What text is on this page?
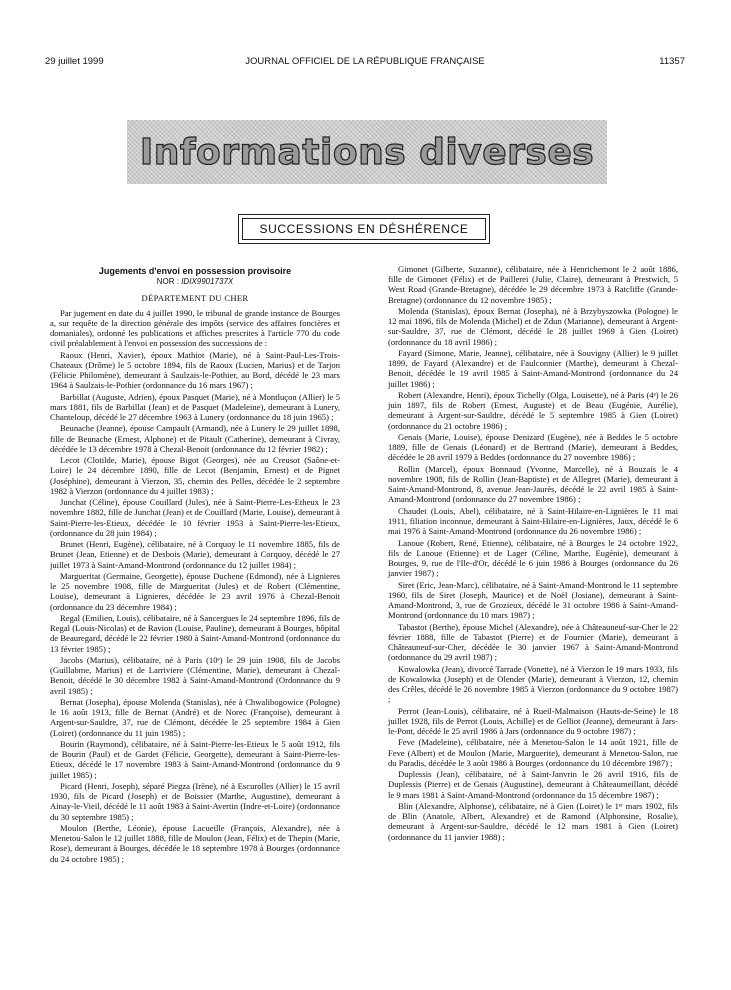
29 juillet 1999	JOURNAL OFFICIEL DE LA RÉPUBLIQUE FRANÇAISE	11357
Informations diverses
SUCCESSIONS EN DÉSHÉRENCE
Jugements d'envoi en possession provisoire
NOR : IDIX9901737X
DÉPARTEMENT DU CHER

Par jugement en date du 4 juillet 1990, le tribunal de grande instance de Bourges a, sur requête de la direction générale des impôts (service des affaires foncières et domaniales), ordonné les publications et affiches prescrites à l'article 770 du code civil préalablement à l'envoi en possession des successions de :

Raoux (Henri, Xavier), époux Mathiot (Marie), né à Saint-Paul-Les-Trois-Chateaux (Drôme) le 5 octobre 1894, fils de Raoux (Lucien, Marius) et de Tarjon (Félicie Philomène), demeurant à Saulzais-le-Pothier, au Bord, décédé le 23 mars 1964 à Saulzais-le-Pothier (ordonnance du 16 mars 1967) ;

Barbillat (Auguste, Adrien), époux Pasquet (Marie), né à Montluçon (Allier) le 5 mars 1881, fils de Barbillat (Jean) et de Pasquet (Madeleine), demeurant à Lunery, Chanteloup, décédé le 27 décembre 1963 à Lunery (ordonnance du 18 juin 1965) ;

Beunache (Jeanne), épouse Campault (Armand), née à Lunery le 29 juillet 1898, fille de Beunache (Ernest, Alphone) et de Pitault (Catherine), demeurant à Civray, décédée le 13 décembre 1978 à Chezal-Benoit (ordonnance du 12 février 1982) ;

Lecot (Clotilde, Marie), épouse Bigot (Georges), née au Creusot (Saône-et-Loire) le 24 décembre 1890, fille de Lecot (Benjamin, Ernest) et de Pignet (Joséphine), demeurant à Vierzon, 35, chemin des Pelles, décédée le 2 septembre 1982 à Vierzon (ordonnance du 4 juillet 1983) ;

Junchat (Céline), épouse Couillard (Jules), née à Saint-Pierre-Les-Etheux le 23 novembre 1882, fille de Junchat (Jean) et de Couillard (Marie, Louise), demeurant à Saint-Pierre-les-Etieux, décédée le 10 février 1953 à Saint-Pierre-les-Etieux, (ordonnance du 28 juin 1984) ;

Brunet (Henri, Eugène), célibataire, né à Corquoy le 11 novembre 1885, fils de Brunet (Jean, Etienne) et de Desbois (Marie), demeurant à Corquoy, décédé le 27 juillet 1973 à Saint-Amand-Montrond (ordonnance du 12 juillet 1984) ;

Margueritat (Germaine, Georgette), épouse Duchene (Edmond), née à Lignieres le 25 novembre 1908, fille de Margueritat (Jules) et de Robert (Clémentine, Louise), demeurant à Lignieres, décédée le 23 avril 1976 à Chezal-Benoit (ordonnance du 23 décembre 1984) ;

Regal (Emilien, Louis), célibataire, né à Sancergues le 24 septembre 1896, fils de Regal (Louis-Nicolas) et de Ravion (Louise, Pauline), demeurant à Bourges, hôpital de Beauregard, décédé le 22 février 1980 à Saint-Amand-Montrond (ordonnance du 13 février 1985) ;

Jacobs (Marius), célibataire, né à Paris (10ᵉ) le 29 juin 1908, fils de Jacobs (Guillabme, Marius) et de Larriviere (Clémentine, Marie), demeurant à Chezal-Benoit, décédé le 30 décembre 1982 à Saint-Amand-Montrond (Ordonnance du 9 avril 1985) ;

Bernat (Josepha), épouse Molenda (Stanislas), née à Chwalibogowice (Pologne) le 16 août 1913, fille de Bernat (André) et de Norec (Françoise), demeurant à Argent-sur-Sauldre, 37, rue de Clémont, décédée le 25 septembre 1984 à Gien (Loiret) (ordonnance du 11 juin 1985) ;

Bourin (Raymond), célibataire, né à Saint-Pierre-les-Etieux le 5 août 1912, fils de Bourin (Paul) et de Gardet (Félicie, Georgette), demeurant à Saint-Pierre-les-Etieux, décédé le 17 novembre 1983 à Saint-Amand-Montrond (ordonnance du 9 juillet 1985) ;

Picard (Henri, Joseph), séparé Piegza (Irène), né à Escurolles (Allier) le 15 avril 1930, fils de Picard (Joseph) et de Boissier (Marthe, Augustine), demeurant à Ainay-le-Vieil, décédé le 11 août 1983 à Saint-Avertin (Indre-et-Loire) (ordonnance du 30 septembre 1985) ;

Moulon (Berthe, Léonie), épouse Lacueille (François, Alexandre), née à Menetou-Salon le 12 juillet 1888, fille de Moulon (Jean, Félix) et de Thepin (Marie, Rose), demeurant à Bourges, décédée le 18 septembre 1978 à Bourges (ordonnance du 24 octobre 1985) ;

Gimonet (Gilberte, Suzanne), célibataire, née à Henrichemont le 2 août 1886, fille de Gimonet (Félix) et de Paillerei (Julie, Claire), demeurant à Prestwich, 5 West Road (Grande-Bretagne), décédée le 29 décembre 1973 à Ratcliffe (Grande-Bretagne) (ordonnance du 12 novembre 1985) ;

Molenda (Stanislas), époux Bernat (Josepha), né à Brzybyszowka (Pologne) le 12 mai 1896, fils de Molenda (Michel) et de Zdun (Marianne), demeurant à Argent-sur-Sauldre, 37, rue de Clémont, décédé le 28 juillet 1969 à Gien (Loiret) (ordonnance du 18 avril 1986) ;

Fayard (Simone, Marie, Jeanne), célibataire, née à Souvigny (Allier) le 9 juillet 1899, de Fayard (Alexandre) et de Faulconnier (Marthe), demeurant à Chezal-Benoit, décédée le 19 avril 1985 à Saint-Amand-Montrond (ordonnance du 24 juillet 1986) ;

Robert (Alexandre, Henri), époux Tichelly (Olga, Louisette), né à Paris (4ᵉ) le 26 juin 1897, fils de Robert (Ernest, Auguste) et de Beau (Eugénie, Aurélie), demeurant à Argent-sur-Sauldre, décédé le 5 septembre 1985 à Gien (Loiret) (ordonnance du 21 octobre 1986) ;

Genais (Marie, Louise), épouse Denizard (Eugène), née à Beddes le 5 octobre 1889, fille de Genais (Léonard) et de Bertrand (Marie), demeurant à Beddes, décédée le 28 avril 1979 à Beddes (ordonnance du 27 novembre 1986) ;

Rollin (Marcel), époux Bonnaud (Yvonne, Marcelle), né à Bouzais le 4 novembre 1908, fils de Rollin (Jean-Baptiste) et de Allegret (Marie), demeurant à Saint-Amand-Montrond, 8, avenue Jean-Jaurès, décédé le 22 avril 1985 à Saint-Amand-Montrond (ordonnance du 27 novembre 1986) ;

Chaudet (Louis, Abel), célibataire, né à Saint-Hilaire-en-Lignières le 11 mai 1911, filiation inconnue, demeurant à Saint-Hilaire-en-Lignières, Jaux, décédé le 6 mai 1976 à Saint-Amand-Montrond (ordonnance du 26 novembre 1986) ;

Lanoue (Robert, René, Etienne), célibataire, né à Bourges le 24 octobre 1922, fils de Lanoue (Etienne) et de Lager (Céline, Marthe, Eugénie), demeurant à Bourges, 9, rue de l'Ile-d'Or, décédé le 6 juin 1986 à Bourges (ordonnance du 26 janvier 1987) ;

Siret (Eric, Jean-Marc), célibataire, né à Saint-Amand-Montrond le 11 septembre 1960, fils de Siret (Joseph, Maurice) et de Noël (Josiane), demeurant à Saint-Amand-Montrond, 3, rue de Grozieux, décédé le 31 octobre 1986 à Saint-Amand-Montrond (ordonnance du 10 mars 1987) ;

Tabastot (Berthe), épouse Michel (Alexandre), née à Châteauneuf-sur-Cher le 22 février 1888, fille de Tabastot (Pierre) et de Fournier (Marie), demeurant à Châteauneuf-sur-Cher, décédée le 30 janvier 1967 à Saint-Amand-Montrond (ordonnance du 29 avril 1987) ;

Kowalowka (Jean), divorcé Tarrade (Vonette), né à Vierzon le 19 mars 1933, fils de Kowalowka (Joseph) et de Olender (Marie), demeurant à Vierzon, 12, chemin des Crêles, décédé le 26 novembre 1985 à Vierzon (ordonnance du 9 octobre 1987) ;

Perrot (Jean-Louis), célibataire, né à Rueil-Malmaison (Hauts-de-Seine) le 18 juillet 1928, fils de Perrot (Louis, Achille) et de Gelliot (Jeanne), demeurant à Jars-le-Pont, décédé le 25 avril 1986 à Jars (ordonnance du 9 octobre 1987) ;

Feve (Madeleine), célibataire, née à Menetou-Salon le 14 août 1921, fille de Feve (Albert) et de Moulon (Marie, Marguerite), demeurant à Menetou-Salon, rue du Paradis, décédée le 3 août 1986 à Bourges (ordonnance du 10 décembre 1987) ;

Duplessis (Jean), célibataire, né à Saint-Janvrin le 26 avril 1916, fils de Duplessis (Pierre) et de Genais (Augustine), demeurant à Châteaumeillant, décédé le 9 mars 1981 à Saint-Amand-Montrond (ordonnance du 15 décembre 1987) ;

Blin (Alexandre, Alphonse), célibataire, né à Gien (Loiret) le 1ᵉʳ mars 1902, fils de Blin (Anatole, Albert, Alexandre) et de Ramond (Alphonsine, Rosalie), demeurant à Argent-sur-Sauldre, décédé le 12 mars 1981 à Gien (Loiret) (ordonnance du 11 janvier 1988) ;
